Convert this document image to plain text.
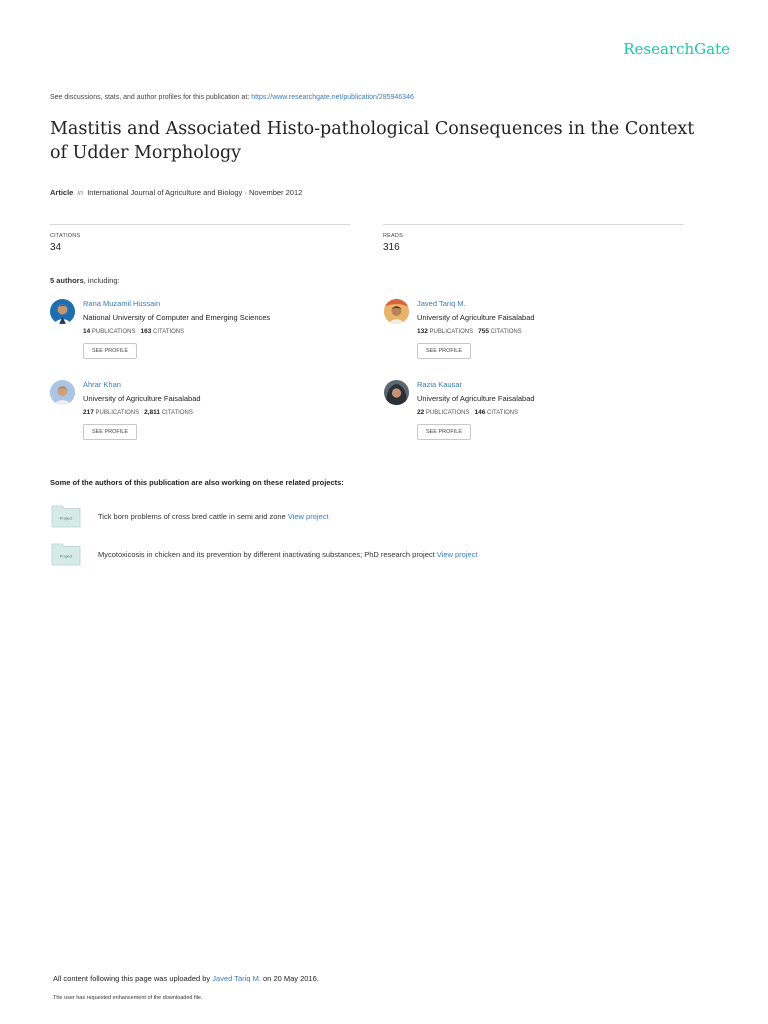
ResearchGate
See discussions, stats, and author profiles for this publication at: https://www.researchgate.net/publication/285946346
Mastitis and Associated Histo-pathological Consequences in the Context of Udder Morphology
Article in International Journal of Agriculture and Biology · November 2012
CITATIONS
34
READS
316
5 authors, including:
Rana Muzamil Hussain
National University of Computer and Emerging Sciences
14 PUBLICATIONS 163 CITATIONS
SEE PROFILE
Javed Tariq M.
University of Agriculture Faisalabad
132 PUBLICATIONS 755 CITATIONS
SEE PROFILE
Ahrar Khan
University of Agriculture Faisalabad
217 PUBLICATIONS 2,811 CITATIONS
SEE PROFILE
Razia Kausar
University of Agriculture Faisalabad
22 PUBLICATIONS 146 CITATIONS
SEE PROFILE
Some of the authors of this publication are also working on these related projects:
Project	Tick born problems of cross bred cattle in semi arid zone View project
Project	Mycotoxicosis in chicken and its prevention by different inactivating substances; PhD research project View project
All content following this page was uploaded by Javed Tariq M. on 20 May 2016.
The user has requested enhancement of the downloaded file.
